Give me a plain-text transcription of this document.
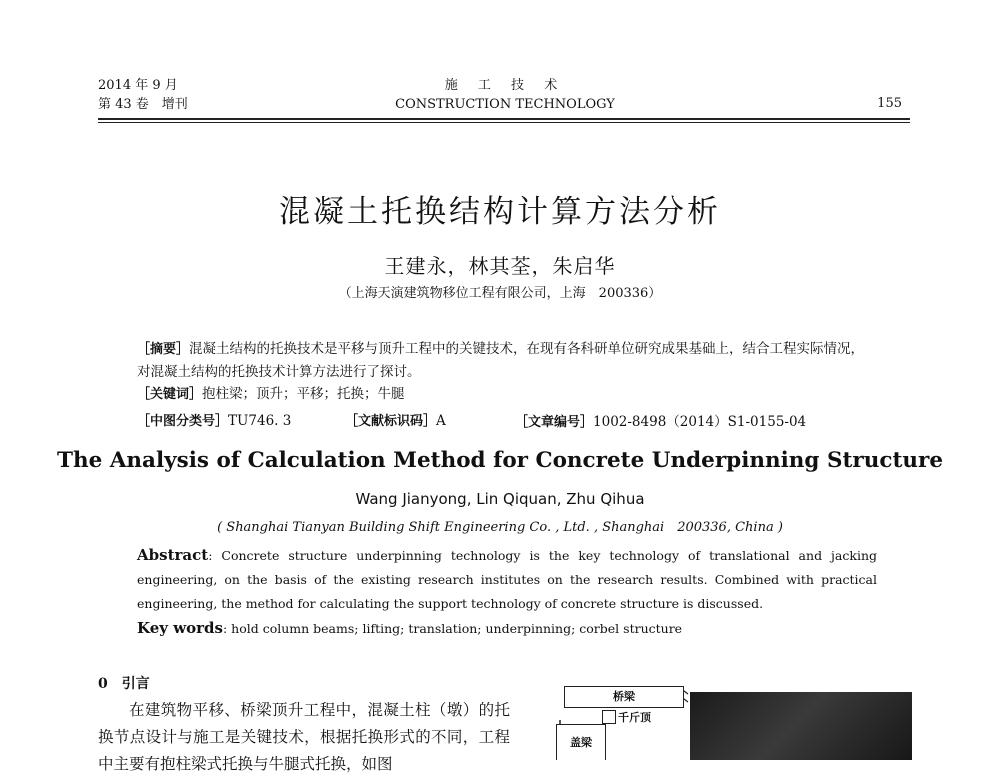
2014 年 9 月
第 43 卷　增刊
施 工 技 术
CONSTRUCTION TECHNOLOGY	155
混凝土托换结构计算方法分析
王建永，林其荃，朱启华
（上海天演建筑物移位工程有限公司，上海　200336）
［摘要］混凝土结构的托换技术是平移与顶升工程中的关键技术，在现有各科研单位研究成果基础上，结合工程实际情况，对混凝土结构的托换技术计算方法进行了探讨。
［关键词］抱柱梁；顶升；平移；托换；牛腿
［中图分类号］TU746. 3	［文献标识码］A	［文章编号］1002-8498（2014）S1-0155-04
The Analysis of Calculation Method for Concrete Underpinning Structure
Wang Jianyong, Lin Qiquan, Zhu Qihua
( Shanghai Tianyan Building Shift Engineering Co. , Ltd. , Shanghai　200336, China )
Abstract: Concrete structure underpinning technology is the key technology of translational and jacking engineering, on the basis of the existing research institutes on the research results. Combined with practical engineering, the method for calculating the support technology of concrete structure is discussed.
Key words: hold column beams; lifting; translation; underpinning; corbel structure
0　引言

在建筑物平移、桥梁顶升工程中，混凝土柱（墩）的托换节点设计与施工是关键技术，根据托换形式的不同，工程中主要有抱柱梁式托换与牛腿式托换，如图

桥梁
千斤顶
盖梁
